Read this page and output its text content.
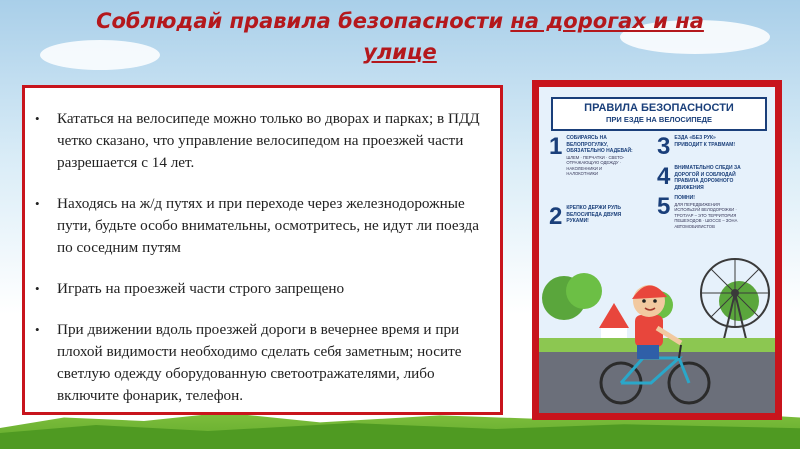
Соблюдай правила безопасности на дорогах и на улице
• Кататься на велосипеде можно только во дворах и парках; в ПДД четко сказано, что управление велосипедом на проезжей части разрешается с 14 лет.
• Находясь на ж/д путях и при переходе через железнодорожные пути, будьте особо внимательны, осмотритесь, не идут ли поезда по соседним путям
• Играть на проезжей части строго запрещено
• При движении вдоль проезжей дороги в вечернее время и при плохой видимости необходимо сделать себя заметным; носите светлую одежду оборудованную светоотражателями, либо включите фонарик, телефон.
ПРАВИЛА БЕЗОПАСНОСТИ
ПРИ ЕЗДЕ НА ВЕЛОСИПЕДЕ
1 СОБИРАЯСЬ НА ВЕЛОПРОГУЛКУ, ОБЯЗАТЕЛЬНО НАДЕВАЙ:
ШЛЕМ · ПЕРЧАТКИ · СВЕТО-ОТРАЖАЮЩУЮ ОДЕЖДУ · НАКОЛЕННИКИ И НАЛОКОТНИКИ
3 ЕЗДА «БЕЗ РУК» ПРИВОДИТ К ТРАВМАМ!
4 ВНИМАТЕЛЬНО СЛЕДИ ЗА ДОРОГОЙ И СОБЛЮДАЙ ПРАВИЛА ДОРОЖНОГО ДВИЖЕНИЯ
5 ПОМНИ!
ДЛЯ ПЕРЕДВИЖЕНИЯ ИСПОЛЬЗУЙ ВЕЛОДОРОЖКИ · ТРОТУАР – ЭТО ТЕРРИТОРИЯ ПЕШЕХОДОВ · ШОССЕ – ЗОНА АВТОМОБИЛИСТОВ
2 КРЕПКО ДЕРЖИ РУЛЬ ВЕЛОСИПЕДА ДВУМЯ РУКАМИ!
